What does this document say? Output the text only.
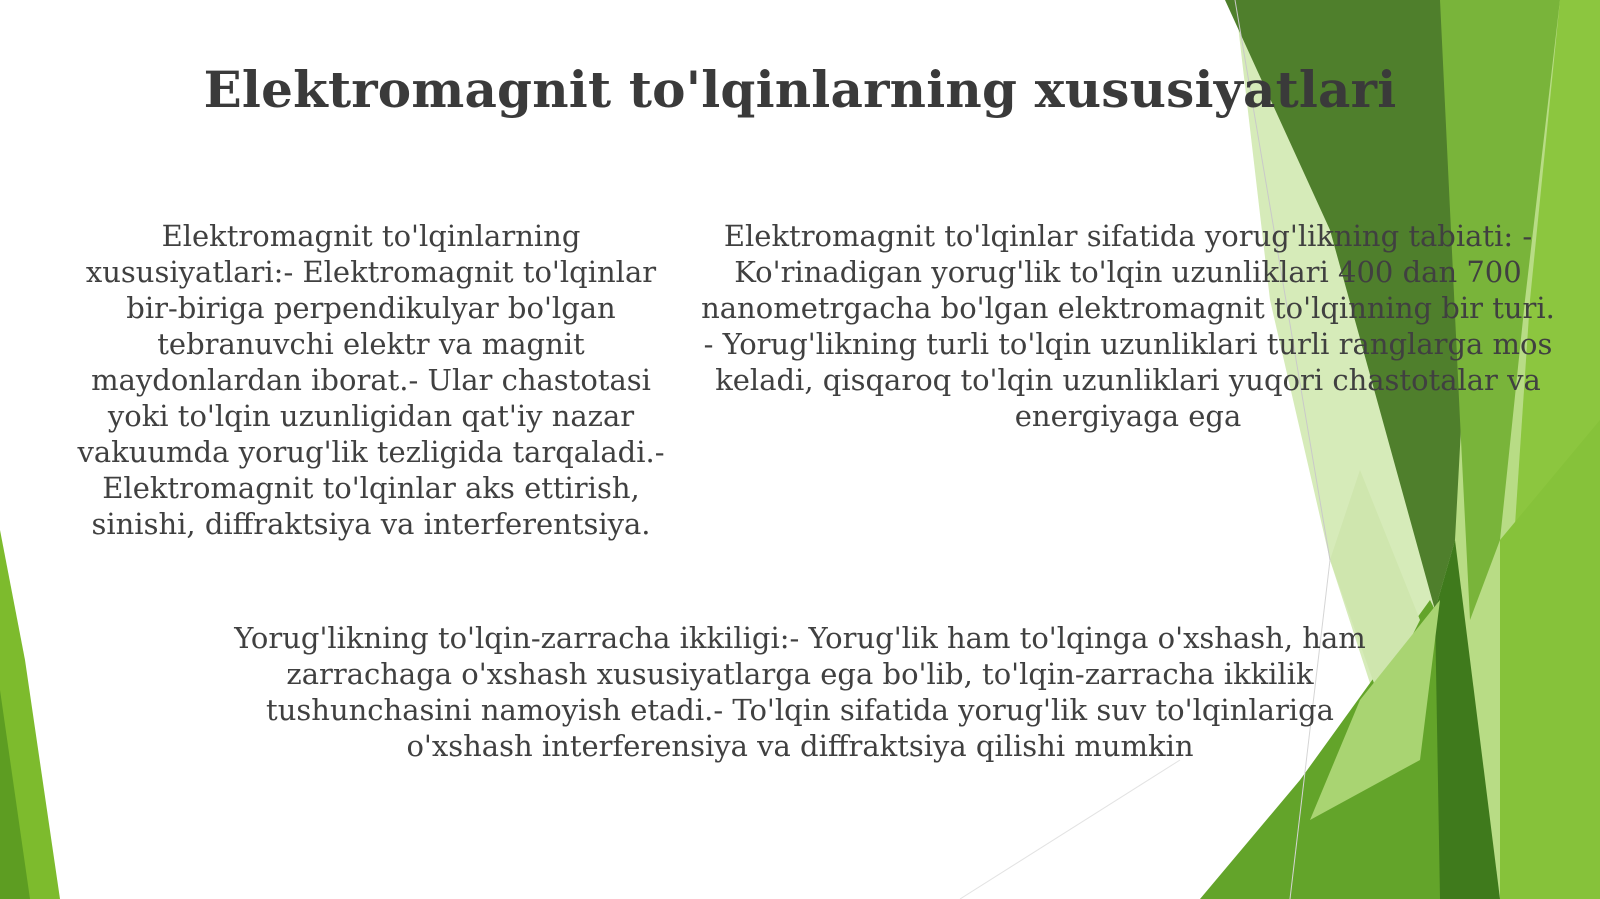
Elektromagnit to'lqinlarning xususiyatlari

Elektromagnit to'lqinlarning xususiyatlari:- Elektromagnit to'lqinlar bir-biriga perpendikulyar bo'lgan tebranuvchi elektr va magnit maydonlardan iborat.- Ular chastotasi yoki to'lqin uzunligidan qat'iy nazar vakuumda yorug'lik tezligida tarqaladi.- Elektromagnit to'lqinlar aks ettirish, sinishi, diffraktsiya va interferentsiya.

Elektromagnit to'lqinlar sifatida yorug'likning tabiati: - Ko'rinadigan yorug'lik to'lqin uzunliklari 400 dan 700 nanometrgacha bo'lgan elektromagnit to'lqinning bir turi. - Yorug'likning turli to'lqin uzunliklari turli ranglarga mos keladi, qisqaroq to'lqin uzunliklari yuqori chastotalar va energiyaga ega

Yorug'likning to'lqin-zarracha ikkiligi:- Yorug'lik ham to'lqinga o'xshash, ham zarrachaga o'xshash xususiyatlarga ega bo'lib, to'lqin-zarracha ikkilik tushunchasini namoyish etadi.- To'lqin sifatida yorug'lik suv to'lqinlariga o'xshash interferensiya va diffraktsiya qilishi mumkin
